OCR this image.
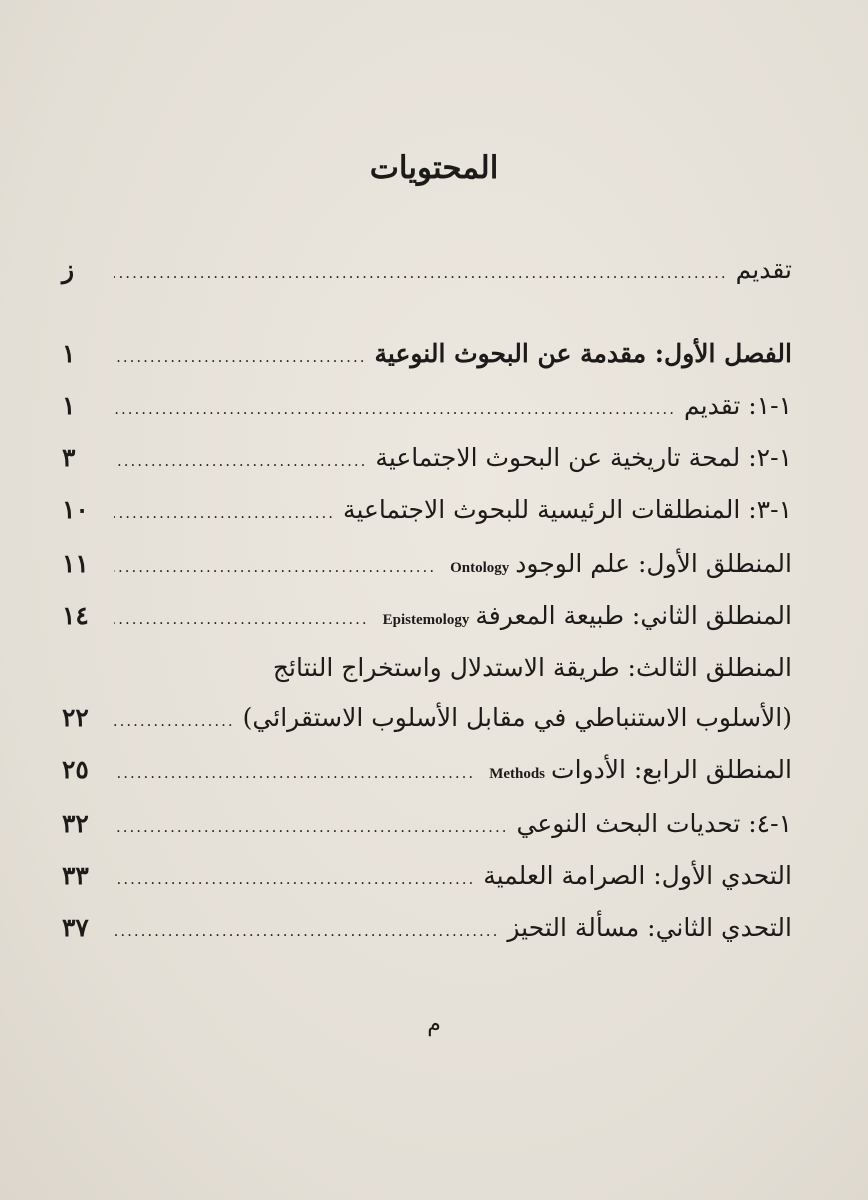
المحتويات
تقديم
.....
ز
الفصل الأول: مقدمة عن البحوث النوعية
.....
١
١-١: تقديم
.....
١
١-٢: لمحة تاريخية عن البحوث الاجتماعية
.....
٣
١-٣: المنطلقات الرئيسية للبحوث الاجتماعية
.....
١٠
المنطلق الأول: علم الوجودOntology
.....
١١
المنطلق الثاني: طبيعة المعرفةEpistemology
.....
١٤
المنطلق الثالث: طريقة الاستدلال واستخراج النتائج
(الأسلوب الاستنباطي في مقابل الأسلوب الاستقرائي)
.....
٢٢
المنطلق الرابع: الأدواتMethods
.....
٢٥
١-٤: تحديات البحث النوعي
.....
٣٢
التحدي الأول: الصرامة العلمية
.....
٣٣
التحدي الثاني: مسألة التحيز
.....
٣٧
م
